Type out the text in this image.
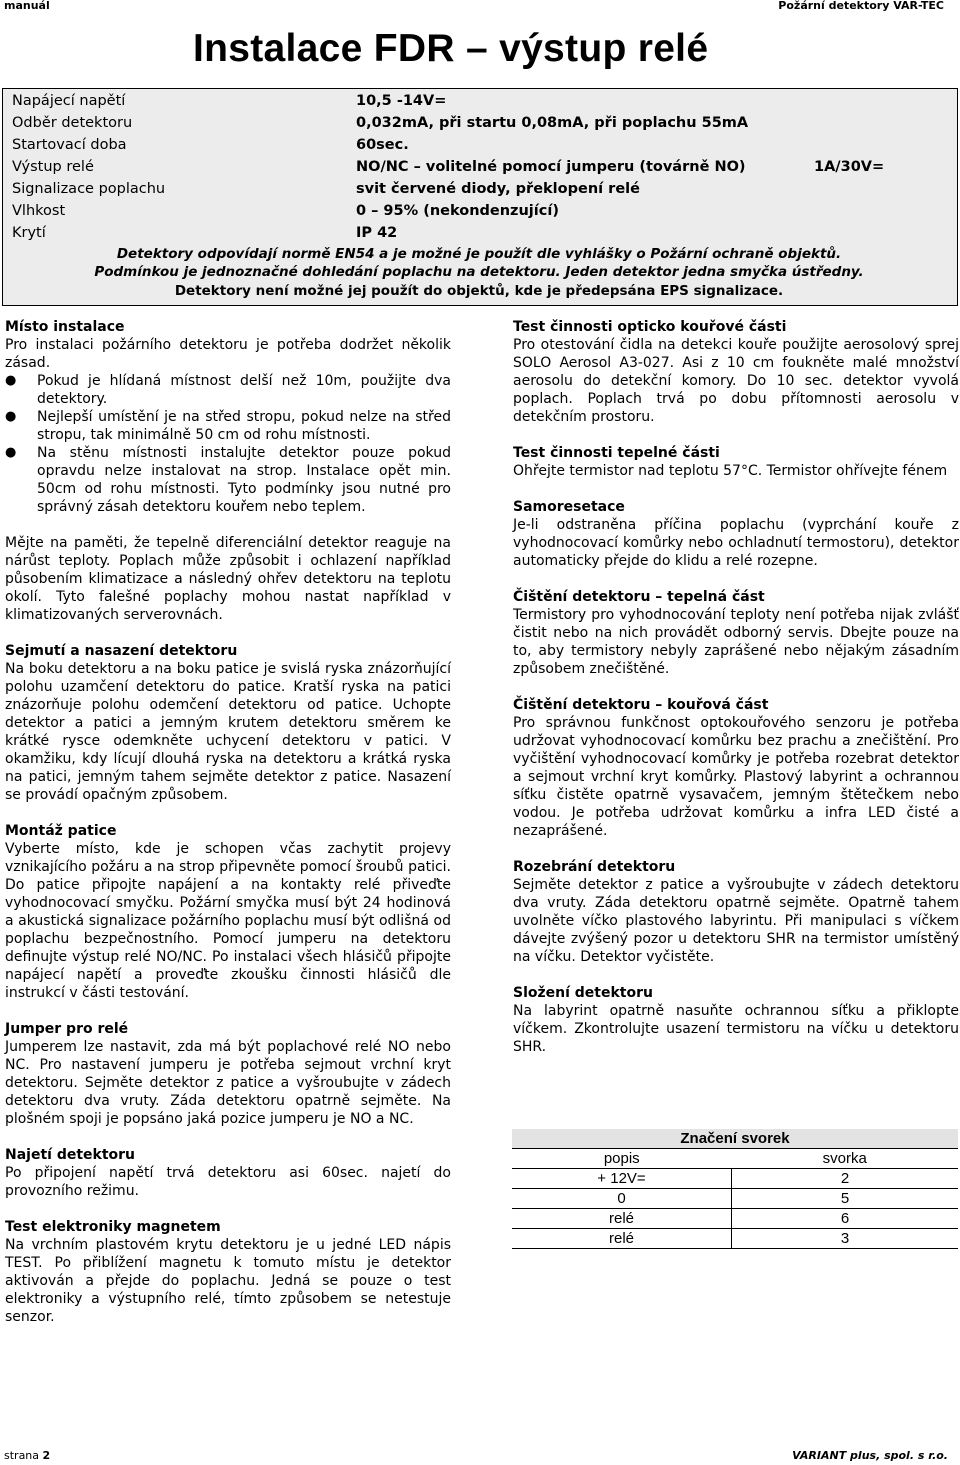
manuál	Požární detektory VAR-TEC
Instalace FDR – výstup relé
Napájecí napětí	10,5 -14V=
Odběr detektoru	0,032mA, při startu 0,08mA, při poplachu 55mA
Startovací doba	60sec.
Výstup relé	NO/NC – volitelné pomocí jumperu (továrně NO)	1A/30V=
Signalizace poplachu	svit červené diody, překlopení relé
Vlhkost	0 – 95% (nekondenzující)
Krytí	IP 42
Detektory odpovídají normě EN54 a je možné je použít dle vyhlášky o Požární ochraně objektů.
Podmínkou je jednoznačné dohledání poplachu na detektoru. Jeden detektor jedna smyčka ústředny.
Detektory není možné jej použít do objektů, kde je předepsána EPS signalizace.
Místo instalace

Pro instalaci požárního detektoru je potřeba dodržet několik zásad.

● Pokud je hlídaná místnost delší než 10m, použijte dva detektory.
● Nejlepší umístění je na střed stropu, pokud nelze na střed stropu, tak minimálně 50 cm od rohu místnosti.
● Na stěnu místnosti instalujte detektor pouze pokud opravdu nelze instalovat na strop. Instalace opět min. 50cm od rohu místnosti. Tyto podmínky jsou nutné pro správný zásah detektoru kouřem nebo teplem.

Mějte na paměti, že tepelně diferenciální detektor reaguje na nárůst teploty. Poplach může způsobit i ochlazení například působením klimatizace a následný ohřev detektoru na teplotu okolí. Tyto falešné poplachy mohou nastat například v klimatizovaných serverovnách.

Sejmutí a nasazení detektoru

Na boku detektoru a na boku patice je svislá ryska znázorňující polohu uzamčení detektoru do patice. Kratší ryska na patici znázorňuje polohu odemčení detektoru od patice. Uchopte detektor a patici a jemným krutem detektoru směrem ke krátké rysce odemkněte uchycení detektoru v patici. V okamžiku, kdy lícují dlouhá ryska na detektoru a krátká ryska na patici, jemným tahem sejměte detektor z patice. Nasazení se provádí opačným způsobem.

Montáž patice

Vyberte místo, kde je schopen včas zachytit projevy vznikajícího požáru a na strop připevněte pomocí šroubů patici. Do patice připojte napájení a na kontakty relé přiveďte vyhodnocovací smyčku. Požární smyčka musí být 24 hodinová a akustická signalizace požárního poplachu musí být odlišná od poplachu bezpečnostního. Pomocí jumperu na detektoru definujte výstup relé NO/NC. Po instalaci všech hlásičů připojte napájecí napětí a proveďte zkoušku činnosti hlásičů dle instrukcí v části testování.

Jumper pro relé

Jumperem lze nastavit, zda má být poplachové relé NO nebo NC. Pro nastavení jumperu je potřeba sejmout vrchní kryt detektoru. Sejměte detektor z patice a vyšroubujte v zádech detektoru dva vruty. Záda detektoru opatrně sejměte. Na plošném spoji je popsáno jaká pozice jumperu je NO a NC.

Najetí detektoru

Po připojení napětí trvá detektoru asi 60sec. najetí do provozního režimu.

Test elektroniky magnetem

Na vrchním plastovém krytu detektoru je u jedné LED nápis TEST. Po přiblížení magnetu k tomuto místu je detektor aktivován a přejde do poplachu. Jedná se pouze o test elektroniky a výstupního relé, tímto způsobem se netestuje senzor.

Test činnosti opticko kouřové části

Pro otestování čidla na detekci kouře použijte aerosolový sprej SOLO Aerosol A3-027. Asi z 10 cm foukněte malé množství aerosolu do detekční komory. Do 10 sec. detektor vyvolá poplach. Poplach trvá po dobu přítomnosti aerosolu v detekčním prostoru.

Test činnosti tepelné části

Ohřejte termistor nad teplotu 57°C. Termistor ohřívejte fénem

Samoresetace

Je-li odstraněna příčina poplachu (vyprchání kouře z vyhodnocovací komůrky nebo ochladnutí termostoru), detektor automaticky přejde do klidu a relé rozepne.

Čištění detektoru – tepelná část

Termistory pro vyhodnocování teploty není potřeba nijak zvlášť čistit nebo na nich provádět odborný servis. Dbejte pouze na to, aby termistory nebyly zaprášené nebo nějakým zásadním způsobem znečištěné.

Čištění detektoru – kouřová část

Pro správnou funkčnost optokouřového senzoru je potřeba udržovat vyhodnocovací komůrku bez prachu a znečištění. Pro vyčištění vyhodnocovací komůrky je potřeba rozebrat detektor a sejmout vrchní kryt komůrky. Plastový labyrint a ochrannou síťku čistěte opatrně vysavačem, jemným štětečkem nebo vodou. Je potřeba udržovat komůrku a infra LED čisté a nezaprášené.

Rozebrání detektoru

Sejměte detektor z patice a vyšroubujte v zádech detektoru dva vruty. Záda detektoru opatrně sejměte. Opatrně tahem uvolněte víčko plastového labyrintu. Při manipulaci s víčkem dávejte zvýšený pozor u detektoru SHR na termistor umístěný na víčku. Detektor vyčistěte.

Složení detektoru

Na labyrint opatrně nasuňte ochrannou síťku a přiklopte víčkem. Zkontrolujte usazení termistoru na víčku u detektoru SHR.

Značení svorek	
popis	svorka
+ 12V=	2
0	5
relé	6
relé	3
strana 2	VARIANT plus, spol. s r.o.
